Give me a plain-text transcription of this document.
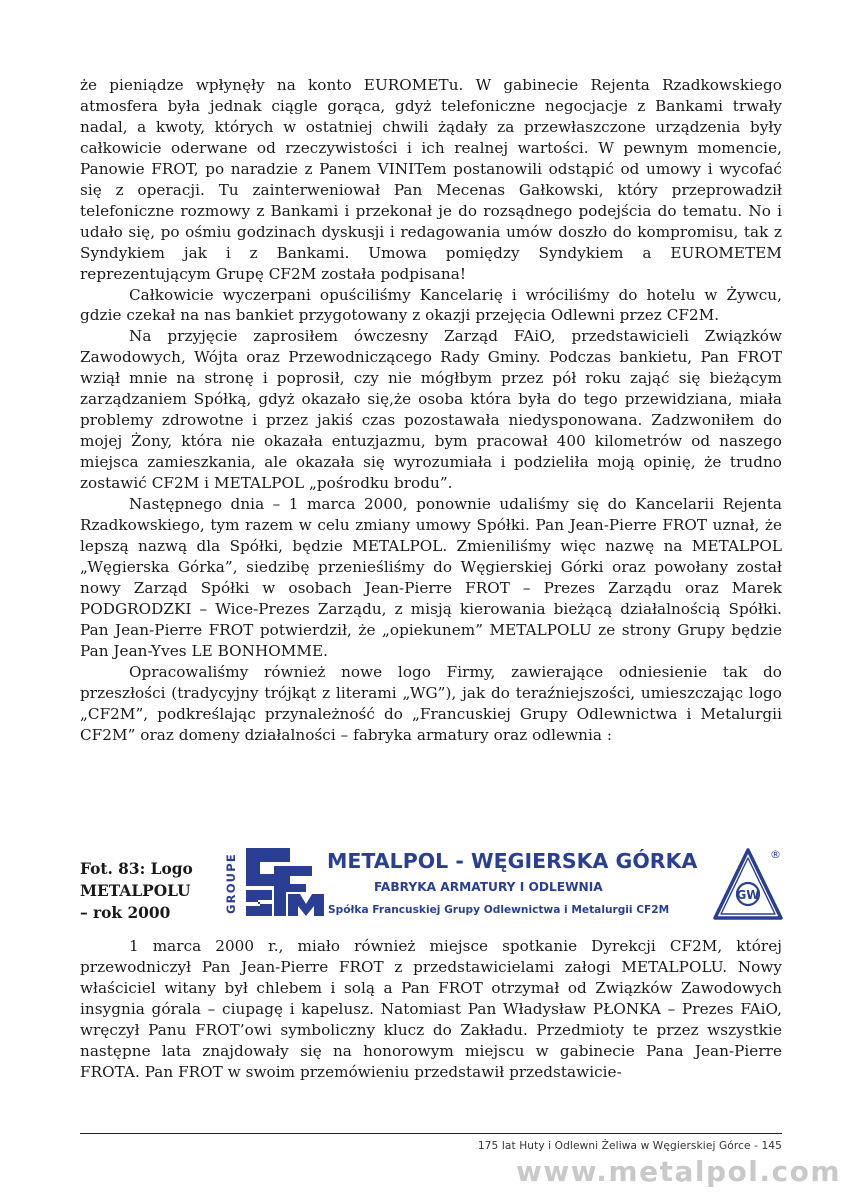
że pieniądze wpłynęły na konto EUROMETu. W gabinecie Rejenta Rzadkowskiego atmosfera była jednak ciągle gorąca, gdyż telefoniczne negocjacje z Bankami trwały nadal, a kwoty, których w ostatniej chwili żądały za przewłaszczone urządzenia były całkowicie oderwane od rzeczywistości i ich realnej wartości. W pewnym momencie, Panowie FROT, po naradzie z Panem VINITem postanowili odstąpić od umowy i wycofać się z operacji. Tu zainterweniował Pan Mecenas Gałkowski, który przeprowadził telefoniczne rozmowy z Bankami i przekonał je do rozsądnego podejścia do tematu. No i udało się, po ośmiu godzinach dyskusji i redagowania umów doszło do kompromisu, tak z Syndykiem jak i z Bankami. Umowa pomiędzy Syndykiem a EUROMETEM reprezentującym Grupę CF2M została podpisana!

Całkowicie wyczerpani opuściliśmy Kancelarię i wróciliśmy do hotelu w Żywcu, gdzie czekał na nas bankiet przygotowany z okazji przejęcia Odlewni przez CF2M.

Na przyjęcie zaprosiłem ówczesny Zarząd FAiO, przedstawicieli Związków Zawodowych, Wójta oraz Przewodniczącego Rady Gminy. Podczas bankietu, Pan FROT wziął mnie na stronę i poprosił, czy nie mógłbym przez pół roku zająć się bieżącym zarządzaniem Spółką, gdyż okazało się,że osoba która była do tego przewidziana, miała problemy zdrowotne i przez jakiś czas pozostawała niedysponowana. Zadzwoniłem do mojej Żony, która nie okazała entuzjazmu, bym pracował 400 kilometrów od naszego miejsca zamieszkania, ale okazała się wyrozumiała i podzieliła moją opinię, że trudno zostawić CF2M i METALPOL „pośrodku brodu”.

Następnego dnia – 1 marca 2000, ponownie udaliśmy się do Kancelarii Rejenta Rzadkowskiego, tym razem w celu zmiany umowy Spółki. Pan Jean-Pierre FROT uznał, że lepszą nazwą dla Spółki, będzie METALPOL. Zmieniliśmy więc nazwę na METALPOL „Węgierska Górka”, siedzibę przenieśliśmy do Węgierskiej Górki oraz powołany został nowy Zarząd Spółki w osobach Jean-Pierre FROT – Prezes Zarządu oraz Marek PODGRODZKI – Wice-Prezes Zarządu, z misją kierowania bieżącą działalnością Spółki. Pan Jean-Pierre FROT potwierdził, że „opiekunem” METALPOLU ze strony Grupy będzie Pan Jean-Yves LE BONHOMME.

Opracowaliśmy również nowe logo Firmy, zawierające odniesienie tak do przeszłości (tradycyjny trójkąt z literami „WG”), jak do teraźniejszości, umieszczając logo „CF2M”, podkreślając przynależność do „Francuskiej Grupy Odlewnictwa i Metalurgii CF2M” oraz domeny działalności – fabryka armatury oraz odlewnia :

Fot. 83: Logo METALPOLU – rok 2000	GROUPE
CF2M
METALPOL - WĘGIERSKA GÓRKA
FABRYKA ARMATURY I ODLEWNIA
Spółka Francuskiej Grupy Odlewnictwa i Metalurgii CF2M
GW
®

1 marca 2000 r., miało również miejsce spotkanie Dyrekcji CF2M, której przewodniczył Pan Jean-Pierre FROT z przedstawicielami załogi METALPOLU. Nowy właściciel witany był chlebem i solą a Pan FROT otrzymał od Związków Zawodowych insygnia górala – ciupagę i kapelusz. Natomiast Pan Władysław PŁONKA – Prezes FAiO, wręczył Panu FROT’owi symboliczny klucz do Zakładu. Przedmioty te przez wszystkie następne lata znajdowały się na honorowym miejscu w gabinecie Pana Jean-Pierre FROTA. Pan FROT w swoim przemówieniu przedstawił przedstawicie-

175 lat Huty i Odlewni Żeliwa w Węgierskiej Górce - 145
www.metalpol.com
